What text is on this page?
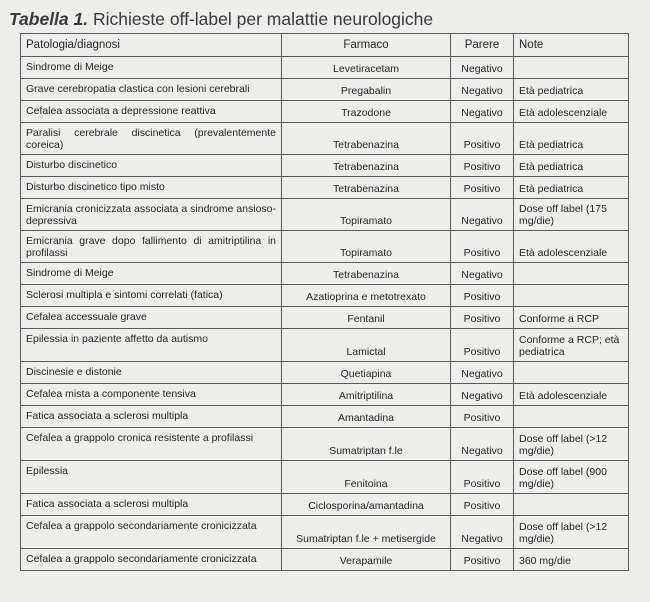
Tabella 1. Richieste off-label per malattie neurologiche
Patologia/diagnosi	Farmaco	Parere	Note
Sindrome di Meige	Levetiracetam	Negativo	
Grave cerebropatia clastica con lesioni cerebrali	Pregabalin	Negativo	Età pediatrica
Cefalea associata a depressione reattiva	Trazodone	Negativo	Età adolescenziale
Paralisi cerebrale discinetica (prevalentemente coreica)	Tetrabenazina	Positivo	Età pediatrica
Disturbo discinetico	Tetrabenazina	Positivo	Età pediatrica
Disturbo discinetico tipo misto	Tetrabenazina	Positivo	Età pediatrica
Emicrania cronicizzata associata a sindrome ansioso-depressiva	Topiramato	Negativo	Dose off label (175 mg/die)
Emicrania grave dopo fallimento di amitriptilina in profilassi	Topiramato	Positivo	Età adolescenziale
Sindrome di Meige	Tetrabenazina	Negativo	
Sclerosi multipla e sintomi correlati (fatica)	Azatioprina e metotrexato	Positivo	
Cefalea accessuale grave	Fentanil	Positivo	Conforme a RCP
Epilessia in paziente affetto da autismo	Lamictal	Positivo	Conforme a RCP; età pediatrica
Discinesie e distonie	Quetiapina	Negativo	
Cefalea mista a componente tensiva	Amitriptilina	Negativo	Età adolescenziale
Fatica associata a sclerosi multipla	Amantadina	Positivo	
Cefalea a grappolo cronica resistente a profilassi	Sumatriptan f.le	Negativo	Dose off label (>12 mg/die)
Epilessia	Fenitoina	Positivo	Dose off label (900 mg/die)
Fatica associata a sclerosi multipla	Ciclosporina/amantadina	Positivo	
Cefalea a grappolo secondariamente cronicizzata	Sumatriptan f.le + metisergide	Negativo	Dose off label (>12 mg/die)
Cefalea a grappolo secondariamente cronicizzata	Verapamile	Positivo	360 mg/die
